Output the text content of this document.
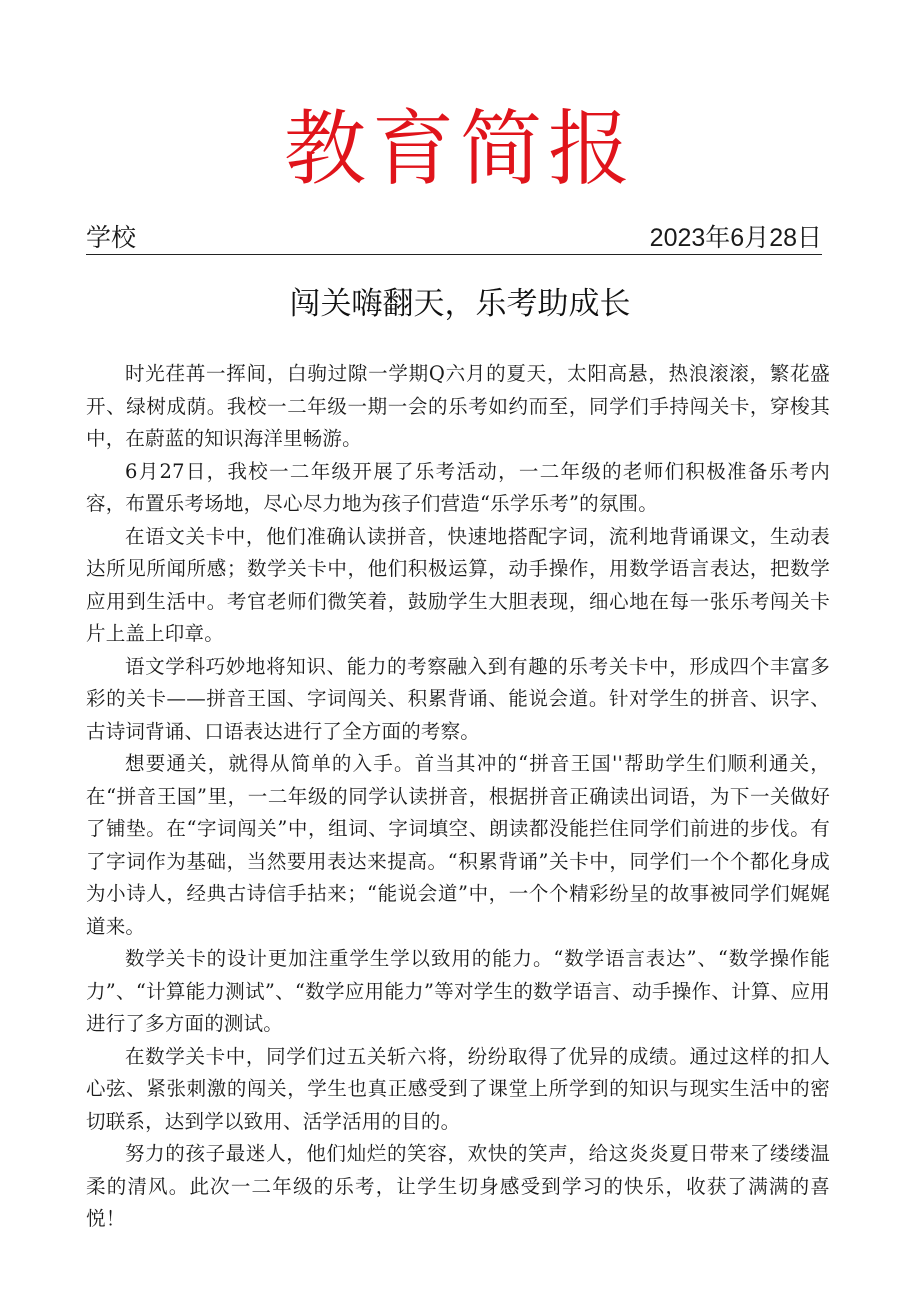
教育简报
学校	2023年6月28日
闯关嗨翻天，乐考助成长

时光荏苒一挥间，白驹过隙一学期Q六月的夏天，太阳高悬，热浪滚滚，繁花盛开、绿树成荫。我校一二年级一期一会的乐考如约而至，同学们手持闯关卡，穿梭其中，在蔚蓝的知识海洋里畅游。

6月27日，我校一二年级开展了乐考活动，一二年级的老师们积极准备乐考内容，布置乐考场地，尽心尽力地为孩子们营造“乐学乐考”的氛围。

在语文关卡中，他们准确认读拼音，快速地搭配字词，流利地背诵课文，生动表达所见所闻所感；数学关卡中，他们积极运算，动手操作，用数学语言表达，把数学应用到生活中。考官老师们微笑着，鼓励学生大胆表现，细心地在每一张乐考闯关卡片上盖上印章。

语文学科巧妙地将知识、能力的考察融入到有趣的乐考关卡中，形成四个丰富多彩的关卡——拼音王国、字词闯关、积累背诵、能说会道。针对学生的拼音、识字、古诗词背诵、口语表达进行了全方面的考察。

想要通关，就得从简单的入手。首当其冲的“拼音王国''帮助学生们顺利通关，在“拼音王国”里，一二年级的同学认读拼音，根据拼音正确读出词语，为下一关做好了铺垫。在“字词闯关”中，组词、字词填空、朗读都没能拦住同学们前进的步伐。有了字词作为基础，当然要用表达来提高。“积累背诵”关卡中，同学们一个个都化身成为小诗人，经典古诗信手拈来；“能说会道”中，一个个精彩纷呈的故事被同学们娓娓道来。

数学关卡的设计更加注重学生学以致用的能力。“数学语言表达”、“数学操作能力”、“计算能力测试”、“数学应用能力”等对学生的数学语言、动手操作、计算、应用进行了多方面的测试。

在数学关卡中，同学们过五关斩六将，纷纷取得了优异的成绩。通过这样的扣人心弦、紧张刺激的闯关，学生也真正感受到了课堂上所学到的知识与现实生活中的密切联系，达到学以致用、活学活用的目的。

努力的孩子最迷人，他们灿烂的笑容，欢快的笑声，给这炎炎夏日带来了缕缕温柔的清风。此次一二年级的乐考，让学生切身感受到学习的快乐，收获了满满的喜悦！
